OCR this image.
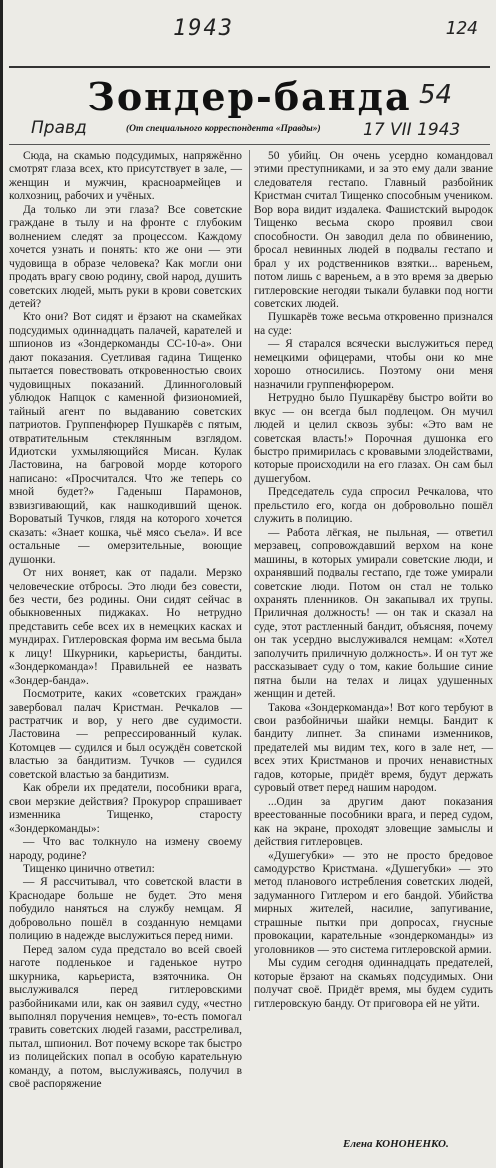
1943	124
Зондер-банда 54
Правд	(От специального корреспондента «Правды») 17 VII 1943

Сюда, на скамью подсудимых, напряжённо смотрят глаза всех, кто присутствует в зале, — женщин и мужчин, красноармейцев и колхозниц, рабочих и учёных.

Да только ли эти глаза? Все советские граждане в тылу и на фронте с глубоким волнением следят за процессом. Каждому хочется узнать и понять: кто же они — эти чудовища в образе человека? Как могли они продать врагу свою родину, свой народ, душить советских людей, мыть руки в крови советских детей?

Кто они? Вот сидят и ёрзают на скамейках подсудимых одиннадцать палачей, карателей и шпионов из «Зондеркоманды СС-10-а». Они дают показания. Суетливая гадина Тищенко пытается повествовать откровенностью своих чудовищных показаний. Длинноголовый ублюдок Напцок с каменной физиономией, тайный агент по выдаванию советских патриотов. Группенфюрер Пушкарёв с пятым, отвратительным стеклянным взглядом. Идиотски ухмыляющийся Мисан. Кулак Ластовина, на багровой морде которого написано: «Просчитался. Что же теперь со мной будет?» Гаденыш Парамонов, взвизгивающий, как нашкодивший щенок. Вороватый Тучков, глядя на которого хочется сказать: «Знает кошка, чьё мясо съела». И все остальные — омерзительные, воющие душонки.

От них воняет, как от падали. Мерзко человеческие отбросы. Это люди без совести, без чести, без родины. Они сидят сейчас в обыкновенных пиджаках. Но нетрудно представить себе всех их в немецких касках и мундирах. Гитлеровская форма им весьма была к лицу! Шкурники, карьеристы, бандиты. «Зондеркоманда»! Правильней ее назвать «Зондер-банда».

Посмотрите, каких «советских граждан» завербовал палач Кристман. Речкалов — растратчик и вор, у него две судимости. Ластовина — репрессированный кулак. Котомцев — судился и был осуждён советской властью за бандитизм. Тучков — судился советской властью за бандитизм.

Как обрели их предатели, пособники врага, свои мерзкие действия? Прокурор спрашивает изменника Тищенко, старосту «Зондеркоманды»:

— Что вас толкнуло на измену своему народу, родине?

Тищенко цинично ответил:

— Я рассчитывал, что советской власти в Краснодаре больше не будет. Это меня побудило наняться на службу немцам. Я добровольно пошёл в созданную немцами полицию в надежде выслужиться перед ними.

Перед залом суда предстало во всей своей наготе подленькое и гаденькое нутро шкурника, карьериста, взяточника. Он выслуживался перед гитлеровскими разбойниками или, как он заявил суду, «честно выполнял поручения немцев», то-есть помогал травить советских людей газами, расстреливал, пытал, шпионил. Вот почему вскоре так быстро из полицейских попал в особую карательную команду, а потом, выслуживаясь, получил в своё распоряжение

50 убийц. Он очень усердно командовал этими преступниками, и за это ему дали звание следователя гестапо. Главный разбойник Кристман считал Тищенко способным учеником. Вор вора видит издалека. Фашистский выродок Тищенко весьма скоро проявил свои способности. Он заводил дела по обвинению, бросал невинных людей в подвалы гестапо и брал у их родственников взятки... вареньем, потом лишь с вареньем, а в это время за дверью гитлеровские негодяи тыкали булавки под ногти советских людей.

Пушкарёв тоже весьма откровенно признался на суде:

— Я старался всячески выслужиться перед немецкими офицерами, чтобы они ко мне хорошо относились. Поэтому они меня назначили группенфюрером.

Нетрудно было Пушкарёву быстро войти во вкус — он всегда был подлецом. Он мучил людей и целил сквозь зубы: «Это вам не советская власть!» Порочная душонка его быстро примирилась с кровавыми злодействами, которые происходили на его глазах. Он сам был душегубом.

Председатель суда спросил Речкалова, что прельстило его, когда он добровольно пошёл служить в полицию.

— Работа лёгкая, не пыльная, — ответил мерзавец, сопровождавший верхом на коне машины, в которых умирали советские люди, и охранявший подвалы гестапо, где тоже умирали советские люди. Потом он стал не только охранять пленников. Он закапывал их трупы. Приличная должность! — он так и сказал на суде, этот растленный бандит, объясняя, почему он так усердно выслуживался немцам: «Хотел заполучить приличную должность». И он тут же рассказывает суду о том, какие большие синие пятна были на телах и лицах удушенных женщин и детей.

Такова «Зондеркоманда»! Вот кого тербуют в свои разбойничьи шайки немцы. Бандит к бандиту липнет. За спинами изменников, предателей мы видим тех, кого в зале нет, — всех этих Кристманов и прочих ненавистных гадов, которые, придёт время, будут держать суровый ответ перед нашим народом.

...Один за другим дают показания вреестованные пособники врага, и перед судом, как на экране, проходят зловещие замыслы и действия гитлеровцев.

«Душегубки» — это не просто бредовое самодурство Кристмана. «Душегубки» — это метод планового истребления советских людей, задуманного Гитлером и его бандой. Убийства мирных жителей, насилие, запугивание, страшные пытки при допросах, гнусные провокации, карательные «зондеркоманды» из уголовников — это система гитлеровской армии.

Мы судим сегодня одиннадцать предателей, которые ёрзают на скамьях подсудимых. Они получат своё. Придёт время, мы будем судить гитлеровскую банду. От приговора ей не уйти.

Елена КОНОНЕНКО.
